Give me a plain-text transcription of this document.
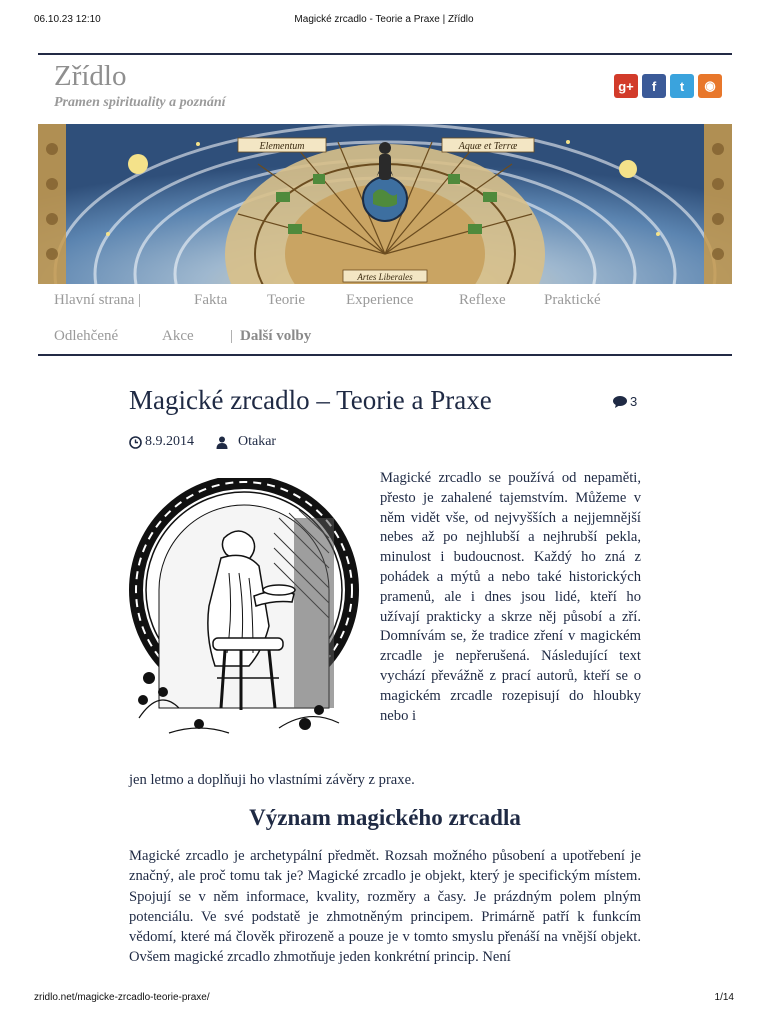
06.10.23 12:10	Magické zrcadlo - Teorie a Praxe | Zřídlo
Zřídlo
Pramen spirituality a poznání
g+ f t ◉
Elementum	Aquæ et Terræ
Artes Liberales
Hlavní strana |	Fakta	Teorie	Experience	Reflexe	Praktické
Odlehčené	Akce | Další volby
Magické zrcadlo – Teorie a Praxe	3
8.9.2014	Otakar
Magické zrcadlo se používá od nepaměti, přesto je zahalené tajemstvím. Můžeme v něm vidět vše, od nejvyšších a nejjemnější nebes až po nejhlubší a nejhrubší pekla, minulost i budoucnost. Každý ho zná z pohádek a mýtů a nebo také historických pramenů, ale i dnes jsou lidé, kteří ho užívají prakticky a skrze něj působí a zří. Domnívám se, že tradice zření v magickém zrcadle je nepřerušená. Následující text vychází převážně z prací autorů, kteří se o magickém zrcadle rozepisují do hloubky nebo i
jen letmo a doplňuji ho vlastními závěry z praxe.
Význam magického zrcadla
Magické zrcadlo je archetypální předmět. Rozsah možného působení a upotřebení je značný, ale proč tomu tak je? Magické zrcadlo je objekt, který je specifickým místem. Spojují se v něm informace, kvality, rozměry a časy. Je prázdným polem plným potenciálu. Ve své podstatě je zhmotněným principem. Primárně patří k funkcím vědomí, které má člověk přirozeně a pouze je v tomto smyslu přenáší na vnější objekt. Ovšem magické zrcadlo zhmotňuje jeden konkrétní princip. Není
zridlo.net/magicke-zrcadlo-teorie-praxe/	1/14
